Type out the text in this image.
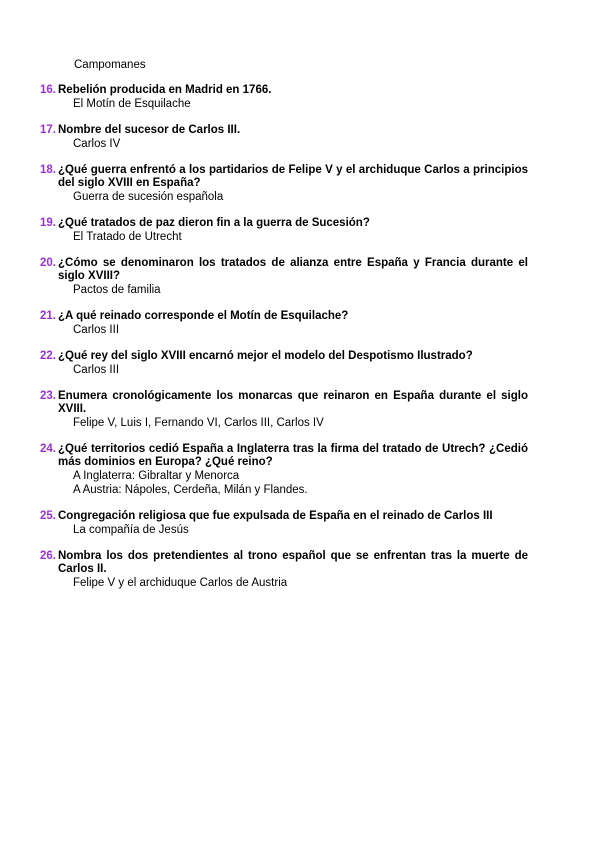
Campomanes
16. Rebelión producida en Madrid en 1766.
El Motín de Esquilache
17. Nombre del sucesor de Carlos III.
Carlos IV
18. ¿Qué guerra enfrentó a los partidarios de Felipe V y el archiduque Carlos a principios del siglo XVIII en España?
Guerra de sucesión española
19. ¿Qué tratados de paz dieron fin a la guerra de Sucesión?
El Tratado de Utrecht
20. ¿Cómo se denominaron los tratados de alianza entre España y Francia durante el siglo XVIII?
Pactos de familia
21. ¿A qué reinado corresponde el Motín de Esquilache?
Carlos III
22. ¿Qué rey del siglo XVIII encarnó mejor el modelo del Despotismo Ilustrado?
Carlos III
23. Enumera cronológicamente los monarcas que reinaron en España durante el siglo XVIII.
Felipe V, Luis I, Fernando VI, Carlos III, Carlos IV
24. ¿Qué territorios cedió España a Inglaterra tras la firma del tratado de Utrech? ¿Cedió más dominios en Europa? ¿Qué reino?
A Inglaterra: Gibraltar y Menorca
A Austria: Nápoles, Cerdeña, Milán y Flandes.
25. Congregación religiosa que fue expulsada de España en el reinado de Carlos III
La compañía de Jesús
26. Nombra los dos pretendientes al trono español que se enfrentan tras la muerte de Carlos II.
Felipe V y el archiduque Carlos de Austria
